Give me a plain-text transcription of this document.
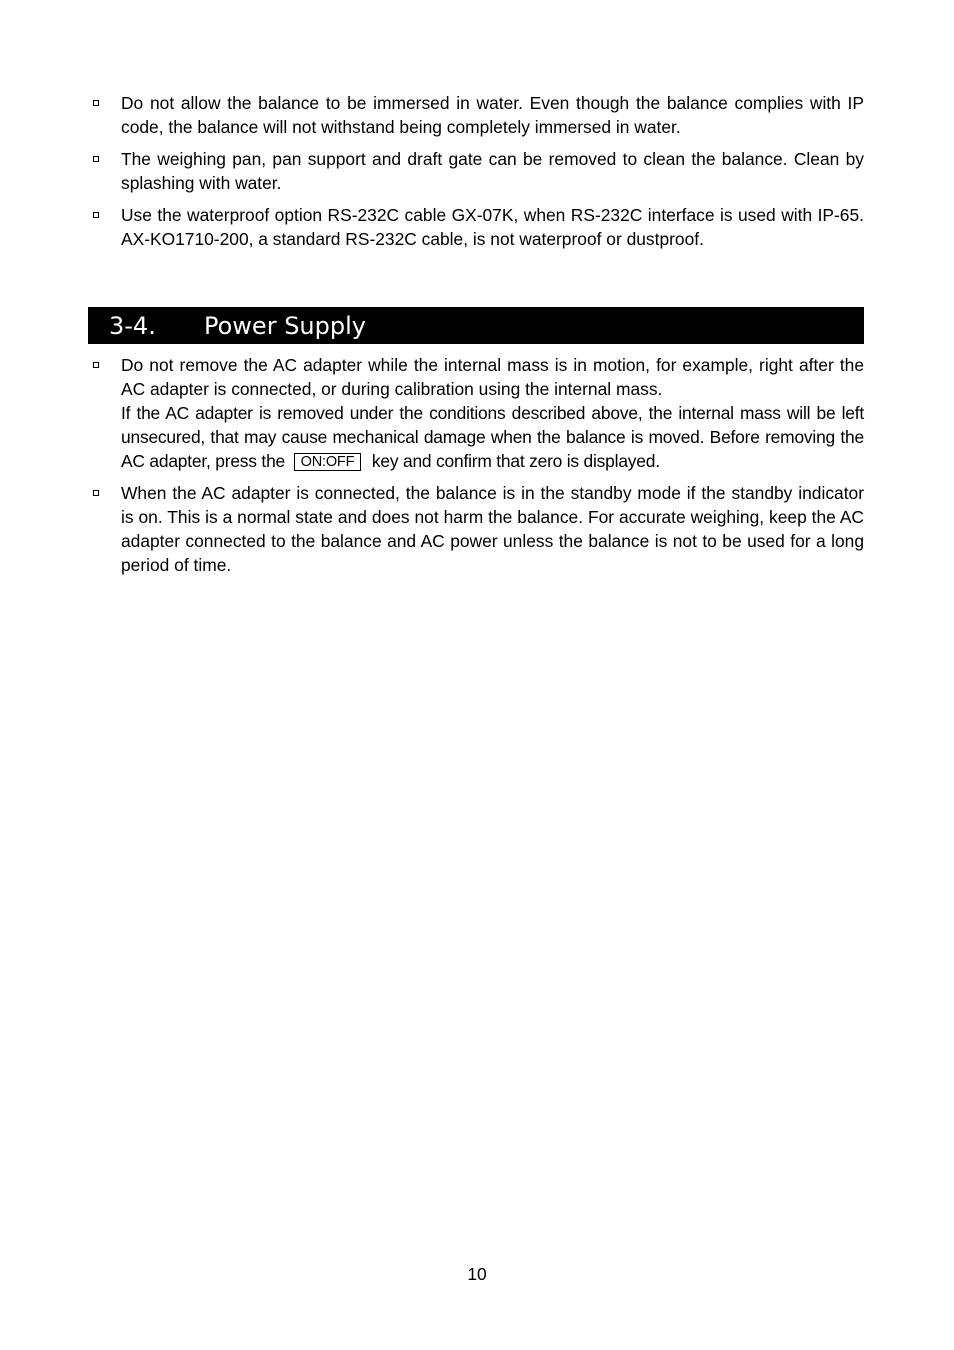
Do not allow the balance to be immersed in water. Even though the balance complies with IP code, the balance will not withstand being completely immersed in water.
The weighing pan, pan support and draft gate can be removed to clean the balance. Clean by splashing with water.
Use the waterproof option RS-232C cable GX-07K, when RS-232C interface is used with IP-65. AX-KO1710-200, a standard RS-232C cable, is not waterproof or dustproof.
3-4. Power Supply
Do not remove the AC adapter while the internal mass is in motion, for example, right after the AC adapter is connected, or during calibration using the internal mass.
If the AC adapter is removed under the conditions described above, the internal mass will be left unsecured, that may cause mechanical damage when the balance is moved. Before removing the AC adapter, press the ON:OFF key and confirm that zero is displayed.
When the AC adapter is connected, the balance is in the standby mode if the standby indicator is on. This is a normal state and does not harm the balance. For accurate weighing, keep the AC adapter connected to the balance and AC power unless the balance is not to be used for a long period of time.
10
